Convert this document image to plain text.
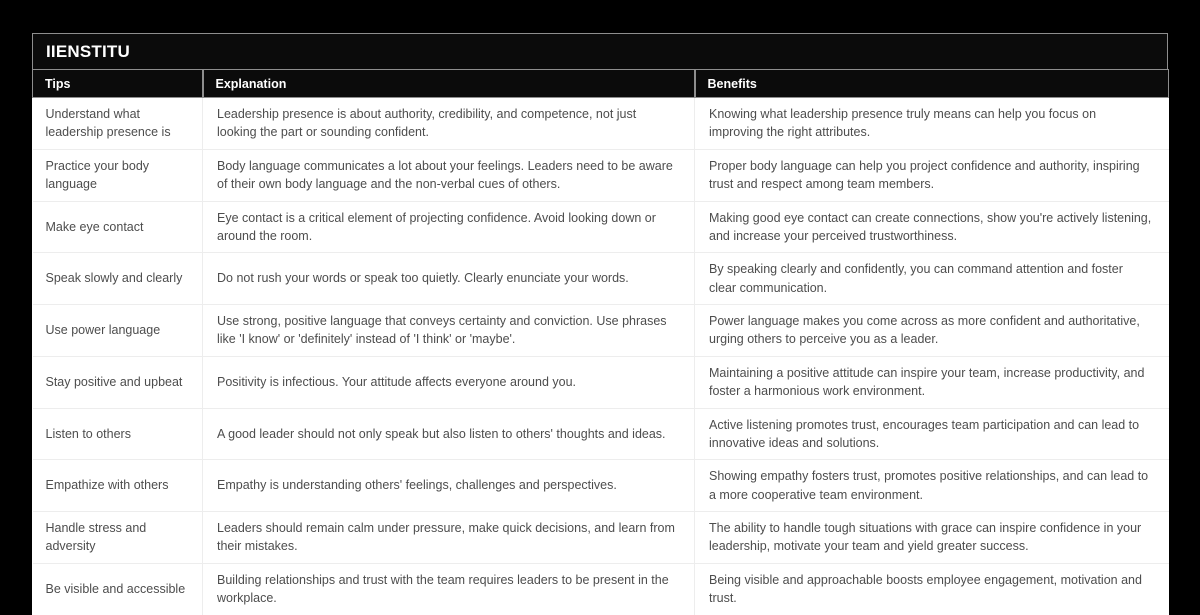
IIENSTITU
Tips	Explanation	Benefits
Understand what leadership presence is	Leadership presence is about authority, credibility, and competence, not just looking the part or sounding confident.	Knowing what leadership presence truly means can help you focus on improving the right attributes.
Practice your body language	Body language communicates a lot about your feelings. Leaders need to be aware of their own body language and the non-verbal cues of others.	Proper body language can help you project confidence and authority, inspiring trust and respect among team members.
Make eye contact	Eye contact is a critical element of projecting confidence. Avoid looking down or around the room.	Making good eye contact can create connections, show you're actively listening, and increase your perceived trustworthiness.
Speak slowly and clearly	Do not rush your words or speak too quietly. Clearly enunciate your words.	By speaking clearly and confidently, you can command attention and foster clear communication.
Use power language	Use strong, positive language that conveys certainty and conviction. Use phrases like 'I know' or 'definitely' instead of 'I think' or 'maybe'.	Power language makes you come across as more confident and authoritative, urging others to perceive you as a leader.
Stay positive and upbeat	Positivity is infectious. Your attitude affects everyone around you.	Maintaining a positive attitude can inspire your team, increase productivity, and foster a harmonious work environment.
Listen to others	A good leader should not only speak but also listen to others' thoughts and ideas.	Active listening promotes trust, encourages team participation and can lead to innovative ideas and solutions.
Empathize with others	Empathy is understanding others' feelings, challenges and perspectives.	Showing empathy fosters trust, promotes positive relationships, and can lead to a more cooperative team environment.
Handle stress and adversity	Leaders should remain calm under pressure, make quick decisions, and learn from their mistakes.	The ability to handle tough situations with grace can inspire confidence in your leadership, motivate your team and yield greater success.
Be visible and accessible	Building relationships and trust with the team requires leaders to be present in the workplace.	Being visible and approachable boosts employee engagement, motivation and trust.
